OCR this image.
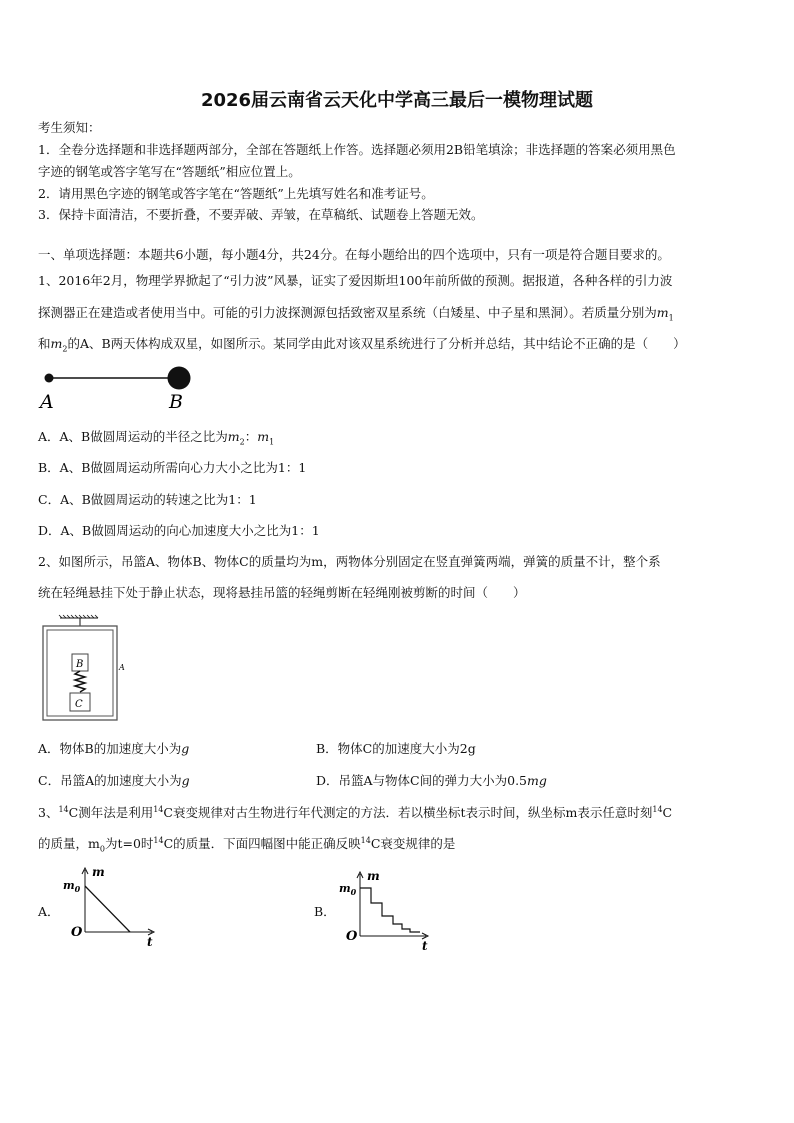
2026届云南省云天化中学高三最后一模物理试题
考生须知：
1．全卷分选择题和非选择题两部分，全部在答题纸上作答。选择题必须用2B铅笔填涂；非选择题的答案必须用黑色
字迹的钢笔或答字笔写在“答题纸”相应位置上。
2．请用黑色字迹的钢笔或答字笔在“答题纸”上先填写姓名和准考证号。
3．保持卡面清洁，不要折叠，不要弄破、弄皱，在草稿纸、试题卷上答题无效。
一、单项选择题：本题共6小题，每小题4分，共24分。在每小题给出的四个选项中，只有一项是符合题目要求的。
1、2016年2月，物理学界掀起了“引力波”风暴，证实了爱因斯坦100年前所做的预测。据报道，各种各样的引力波
探测器正在建造或者使用当中。可能的引力波探测源包括致密双星系统（白矮星、中子星和黑洞）。若质量分别为$m_1$
和$m_2$的A、B两天体构成双星，如图所示。某同学由此对该双星系统进行了分析并总结，其中结论不正确的是（　　）
A	B
A．A、B做圆周运动的半径之比为$m_2$：$m_1$
B．A、B做圆周运动所需向心力大小之比为1：1
C．A、B做圆周运动的转速之比为1：1
D．A、B做圆周运动的向心加速度大小之比为1：1
2、如图所示，吊篮A、物体B、物体C的质量均为m，两物体分别固定在竖直弹簧两端，弹簧的质量不计，整个系
统在轻绳悬挂下处于静止状态，现将悬挂吊篮的轻绳剪断在轻绳刚被剪断的时间（　　）
B
C
A
A．物体B的加速度大小为g	B．物体C的加速度大小为2g
C．吊篮A的加速度大小为g	D．吊篮A与物体C间的弹力大小为0.5mg
3、$^{14}$C测年法是利用$^{14}$C衰变规律对古生物进行年代测定的方法．若以横坐标t表示时间，纵坐标m表示任意时刻$^{14}$C
的质量，$m_0$为t=0时$^{14}$C的质量．下面四幅图中能正确反映$^{14}$C衰变规律的是
A．
$m_0$
m
O
t
B．
$m_0$
m
O
t
